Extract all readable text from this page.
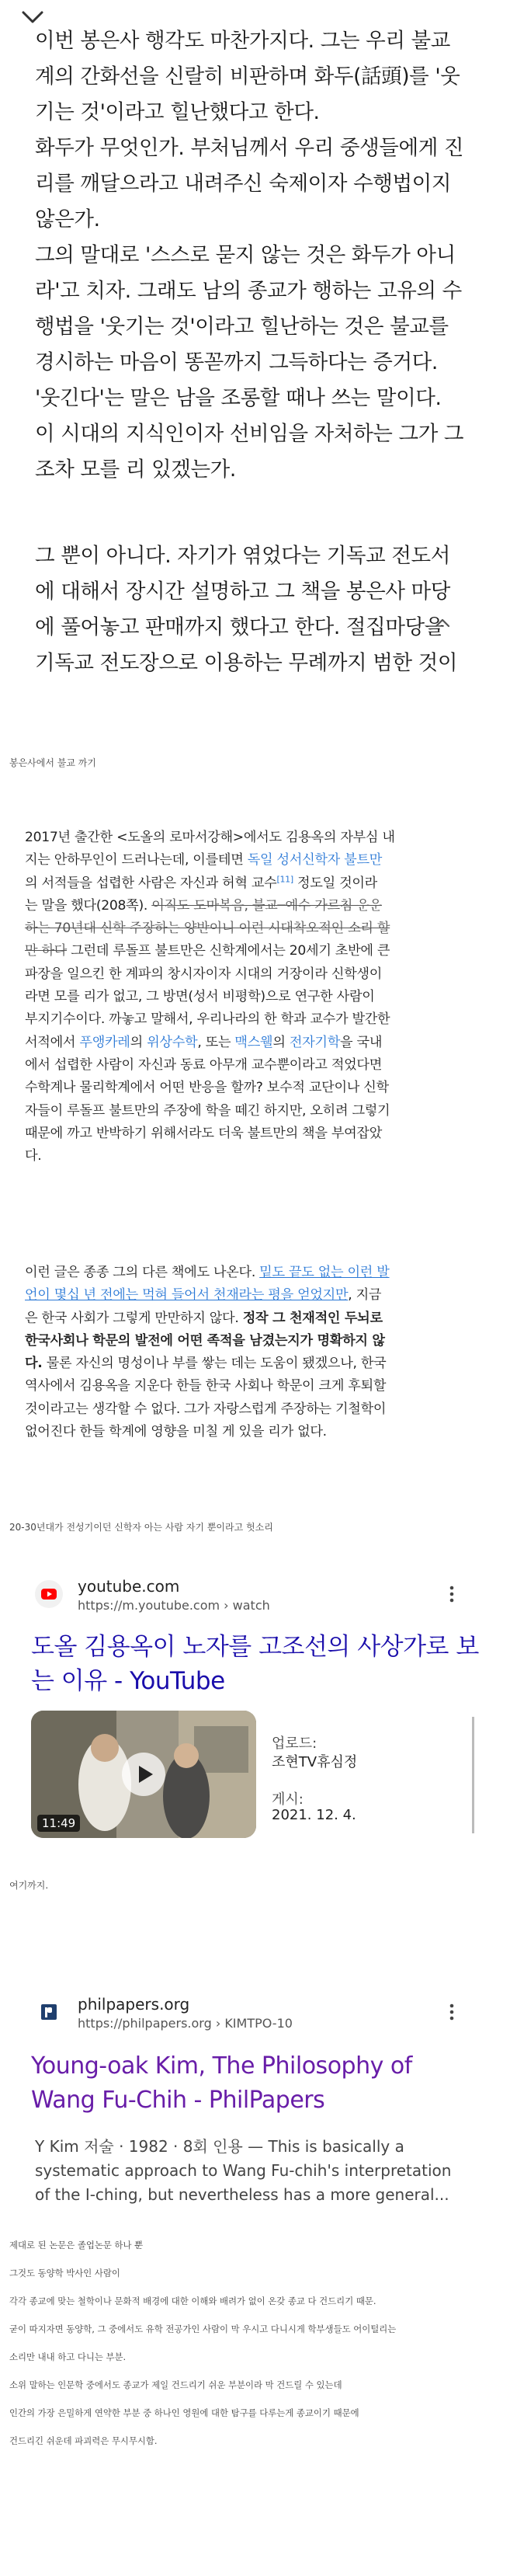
이번 봉은사 행각도 마찬가지다. 그는 우리 불교

계의 간화선을 신랄히 비판하며 화두(話頭)를 '웃

기는 것'이라고 힐난했다고 한다.

화두가 무엇인가. 부처님께서 우리 중생들에게 진

리를 깨달으라고 내려주신 숙제이자 수행법이지

않은가.

그의 말대로 '스스로 묻지 않는 것은 화두가 아니

라'고 치자. 그래도 남의 종교가 행하는 고유의 수

행법을 '웃기는 것'이라고 힐난하는 것은 불교를

경시하는 마음이 똥꼳까지 그득하다는 증거다.

'웃긴다'는 말은 남을 조롱할 때나 쓰는 말이다.

이 시대의 지식인이자 선비임을 자처하는 그가 그

조차 모를 리 있겠는가.

그 뿐이 아니다. 자기가 엮었다는 기독교 전도서

에 대해서 장시간 설명하고 그 책을 봉은사 마당

에 풀어놓고 판매까지 했다고 한다. 절집마당을

기독교 전도장으로 이용하는 무례까지 범한 것이

봉은사에서 불교 까기

2017년 출간한 <도올의 로마서강해>에서도 김용옥의 자부심 내

지는 안하무인이 드러나는데, 이를테면 독일 성서신학자 불트만

의 서적들을 섭렵한 사람은 자신과 허혁 교수[11] 정도일 것이라

는 말을 했다(208쪽). 이직도 도마복음, 불교─예수 가르침 운운

하는 70년대 신학 주장하는 양반이니 이런 시대착오적인 소리 할

만 하다 그런데 루돌프 불트만은 신학계에서는 20세기 초반에 큰

파장을 일으킨 한 계파의 창시자이자 시대의 거장이라 신학생이

라면 모를 리가 없고, 그 방면(성서 비평학)으로 연구한 사람이

부지기수이다. 까놓고 말해서, 우리나라의 한 학과 교수가 발간한

서적에서 푸앵카레의 위상수학, 또는 맥스웰의 전자기학을 국내

에서 섭렵한 사람이 자신과 동료 아무개 교수뿐이라고 적었다면

수학계나 물리학계에서 어떤 반응을 할까? 보수적 교단이나 신학

자들이 루돌프 불트만의 주장에 학을 떼긴 하지만, 오히려 그렇기

때문에 까고 반박하기 위해서라도 더욱 불트만의 책을 부여잡았

다.

이런 글은 종종 그의 다른 책에도 나온다. 밑도 끝도 없는 이런 발

언이 몇십 년 전에는 먹혀 들어서 천재라는 평을 얻었지만, 지금

은 한국 사회가 그렇게 만만하지 않다. 정작 그 천재적인 두뇌로

한국사회나 학문의 발전에 어떤 족적을 남겼는지가 명확하지 않

다. 물론 자신의 명성이나 부를 쌓는 데는 도움이 됐겠으나, 한국

역사에서 김용옥을 지운다 한들 한국 사회나 학문이 크게 후퇴할

것이라고는 생각할 수 없다. 그가 자랑스럽게 주장하는 기철학이

없어진다 한들 학계에 영향을 미칠 게 있을 리가 없다.

20-30년대가 전성기이던 신학자 아는 사람 자기 뿐이라고 헛소리
youtube.com
https://m.youtube.com › watch
도올 김용옥이 노자를 고조선의 사상가로 보
는 이유 - YouTube
11:49
업로드:
조현TV휴심정
게시:
2021. 12. 4.
여기까지.
philpapers.org
https://philpapers.org › KIMTPO-10
Young-oak Kim, The Philosophy of
Wang Fu-Chih - PhilPapers
Y Kim 저술 · 1982 · 8회 인용 — This is basically a
systematic approach to Wang Fu-chih's interpretation
of the I-ching, but nevertheless has a more general...
제대로 된 논문은 졸업논문 하나 뿐
그것도 동양학 박사인 사람이
각각 종교에 맞는 철학이나 문화적 배경에 대한 이해와 배려가 없이 온갖 종교 다 건드리기 때문.
굳이 따지자면 동양학, 그 중에서도 유학 전공가인 사람이 막 우시고 다니시게 학부생들도 어이털리는
소리만 내내 하고 다니는 부분.
소위 말하는 인문학 중에서도 종교가 제일 건드리기 쉬운 부분이라 막 건드릴 수 있는데
인간의 가장 은밀하게 연약한 부분 중 하나인 영원에 대한 탐구를 다루는게 종교이기 때문에
건드리긴 쉬운데 파괴력은 무시무시함.
